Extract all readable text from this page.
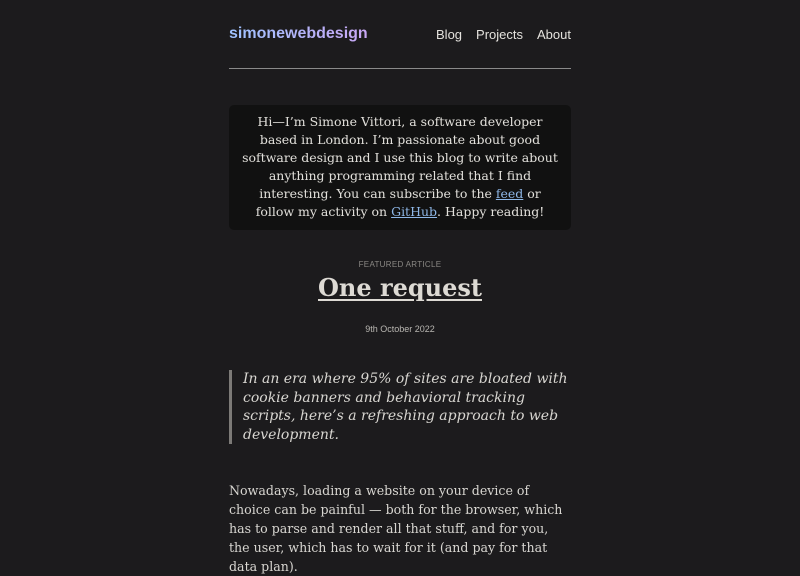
simonewebdesign	Blog Projects About
Hi—I’m Simone Vittori, a software developer based in London. I’m passionate about good software design and I use this blog to write about anything programming related that I find interesting. You can subscribe to the feed or follow my activity on GitHub. Happy reading!
FEATURED ARTICLE
One request
9th October 2022
In an era where 95% of sites are bloated with cookie banners and behavioral tracking scripts, here’s a refreshing approach to web development.

Nowadays, loading a website on your device of choice can be painful — both for the browser, which has to parse and render all that stuff, and for you, the user, which has to wait for it (and pay for that data plan).
